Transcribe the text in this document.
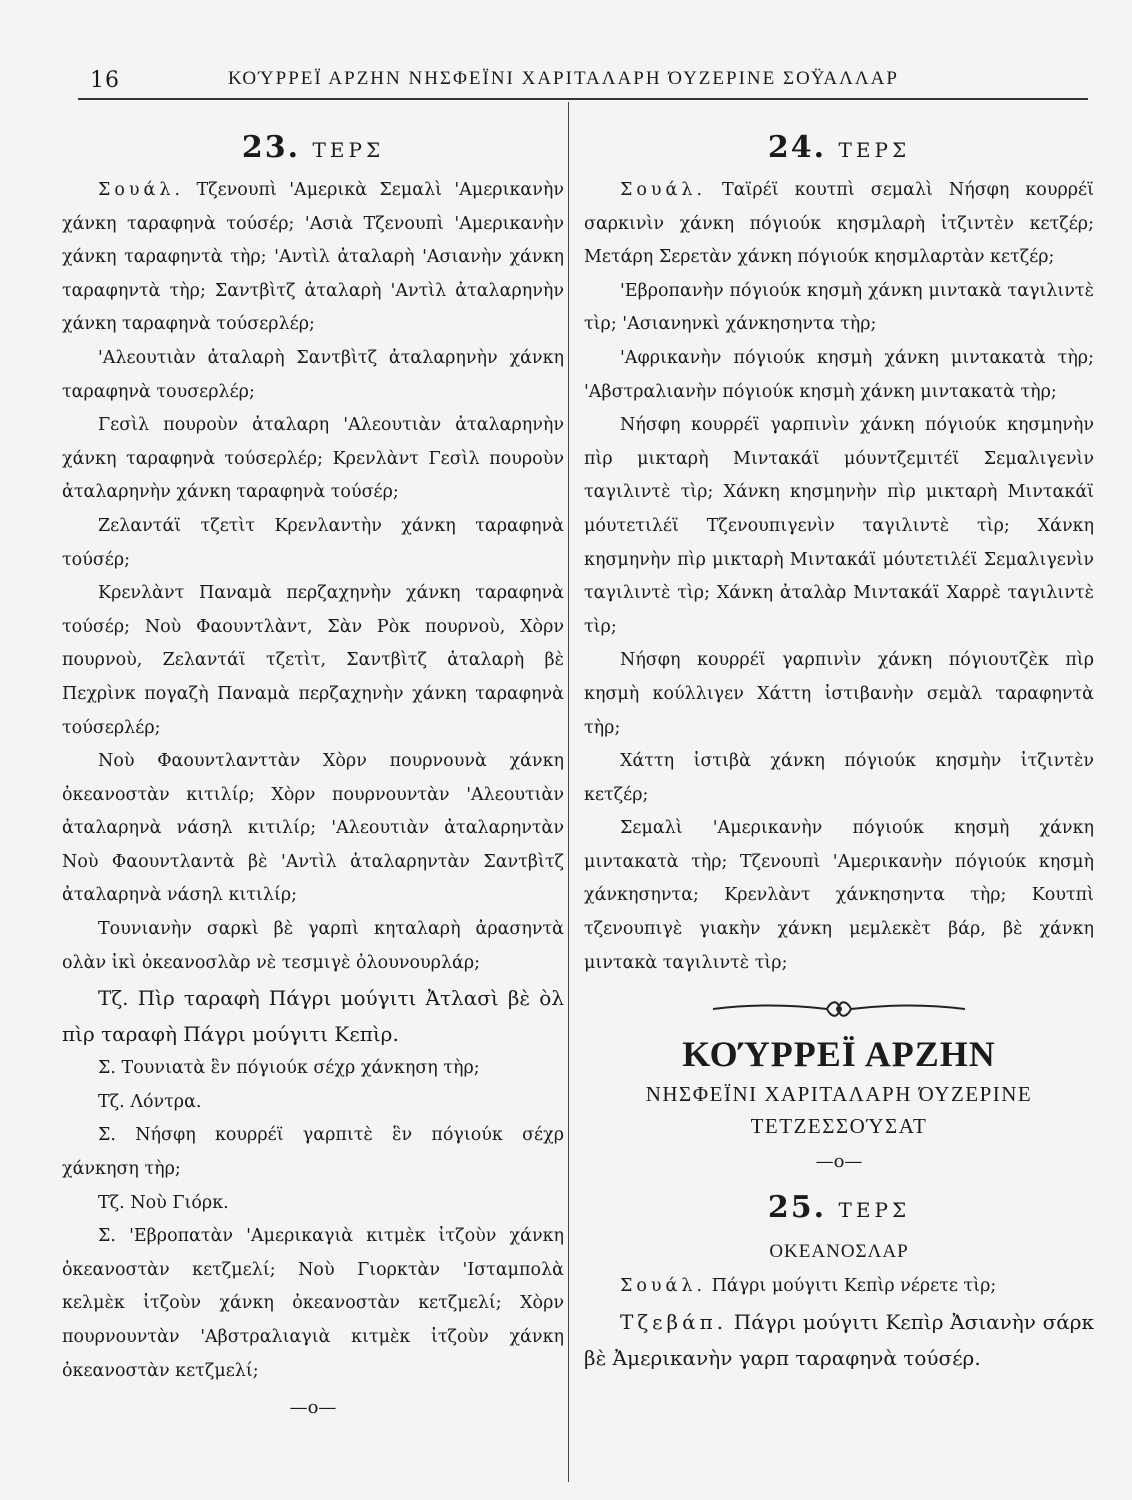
16	ΚΟΎΡΡΕΪ ΑΡΖΗΝ ΝΗΣΦΕΪΝΙ ΧΑΡΙΤΑΛΑΡΗ ΌΥΖΕΡΙΝΕ ΣΟΫΑΛΛΑΡ
23. ΤΕΡΣ

Σουάλ. Τζενουπὶ 'Αμερικὰ Σεμαλὶ 'Αμερικανὴν χάνκη ταραφηνὰ τούσέρ; 'Ασιὰ Τζενουπὶ 'Αμερικανὴν χάνκη ταραφηντὰ τὴρ; 'Αντὶλ ἀταλαρὴ 'Ασιανὴν χάνκη ταραφηντὰ τὴρ; Σαντβὶτζ ἀταλαρὴ 'Αντὶλ ἀταλαρηνὴν χάνκη ταραφηνὰ τούσερλέρ;

'Αλεουτιὰν ἀταλαρὴ Σαντβὶτζ ἀταλαρηνὴν χάνκη ταραφηνὰ τουσερλέρ;

Γεσὶλ πουροὺν ἀταλαρη 'Αλεουτιὰν ἀταλαρηνὴν χάνκη ταραφηνὰ τούσερλέρ; Κρενλὰντ Γεσὶλ πουροὺν ἀταλαρηνὴν χάνκη ταραφηνὰ τούσέρ;

Ζελαντάϊ τζετὶτ Κρενλαντὴν χάνκη ταραφηνὰ τούσέρ;

Κρενλὰντ Παναμὰ περζαχηνὴν χάνκη ταραφηνὰ τούσέρ; Νοὺ Φαουντλὰντ, Σὰν Ρὸκ πουρνοὺ, Χὸρν πουρνοὺ, Ζελαντάϊ τζετὶτ, Σαντβὶτζ ἀταλαρὴ βὲ Πεχρὶνκ πογαζὴ Παναμὰ περζαχηνὴν χάνκη ταραφηνὰ τούσερλέρ;

Νοὺ Φαουντλανττὰν Χὸρν πουρνουνὰ χάνκη ὀκεανοστὰν κιτιλίρ; Χὸρν πουρνουντὰν 'Αλεουτιὰν ἀταλαρηνὰ νάσηλ κιτιλίρ; 'Αλεουτιὰν ἀταλαρηντὰν Νοὺ Φαουντλαντὰ βὲ 'Αντὶλ ἀταλαρηντὰν Σαντβὶτζ ἀταλαρηνὰ νάσηλ κιτιλίρ;

Τουνιανὴν σαρκὶ βὲ γαρπὶ κηταλαρὴ ἀρασηντὰ ολὰν ἰκὶ ὀκεανοσλὰρ νὲ τεσμιγὲ ὀλουνουρλάρ;

Τζ. Πὶρ ταραφὴ Πάγρι μούγιτι Ἀτλασὶ βὲ ὸλ πὶρ ταραφὴ Πάγρι μούγιτι Κεπὶρ.

Σ. Τουνιατὰ ἓν πόγιούκ σέχρ χάνκηση τὴρ;

Τζ. Λόντρα.

Σ. Νήσφη κουρρέϊ γαρπιτὲ ἓν πόγιούκ σέχρ χάνκηση τὴρ;

Τζ. Νοὺ Γιόρκ.

Σ. 'Εβροπατὰν 'Αμερικαγιὰ κιτμὲκ ἰτζοὺν χάνκη ὀκεανοστὰν κετζμελί; Νοὺ Γιορκτὰν 'Ισταμπολὰ κελμὲκ ἰτζοὺν χάνκη ὀκεανοστὰν κετζμελί; Χὸρν πουρνουντὰν 'Αβστραλιαγιὰ κιτμὲκ ἰτζοὺν χάνκη ὀκεανοστὰν κετζμελί;

—o—
24. ΤΕΡΣ

Σουάλ. Ταϊρέϊ κουτπὶ σεμαλὶ Νήσφη κουρρέϊ σαρκινὶν χάνκη πόγιούκ κησμλαρὴ ἰτζιντὲν κετζέρ; Μετάρη Σερετὰν χάνκη πόγιούκ κησμλαρτὰν κετζέρ;

'Εβροπανὴν πόγιούκ κησμὴ χάνκη μιντακὰ ταγιλιντὲ τὶρ; 'Ασιανηνκὶ χάνκησηντα τὴρ;

'Αφρικανὴν πόγιούκ κησμὴ χάνκη μιντακατὰ τὴρ; 'Αβστραλιανὴν πόγιούκ κησμὴ χάνκη μιντακατὰ τὴρ;

Νήσφη κουρρέϊ γαρπινὶν χάνκη πόγιούκ κησμηνὴν πὶρ μικταρὴ Μιντακάϊ μόυντζεμιτέϊ Σεμαλιγενὶν ταγιλιντὲ τὶρ; Χάνκη κησμηνὴν πὶρ μικταρὴ Μιντακάϊ μόυτετιλέϊ Τζενουπιγενὶν ταγιλιντὲ τὶρ; Χάνκη κησμηνὴν πὶρ μικταρὴ Μιντακάϊ μόυτετιλέϊ Σεμαλιγενὶν ταγιλιντὲ τὶρ; Χάνκη ἀταλὰρ Μιντακάϊ Χαρρὲ ταγιλιντὲ τὶρ;

Νήσφη κουρρέϊ γαρπινὶν χάνκη πόγιουτζὲκ πὶρ κησμὴ κούλλιγεν Χάττη ἰστιβανὴν σεμὰλ ταραφηντὰ τὴρ;

Χάττη ἰστιβὰ χάνκη πόγιούκ κησμὴν ἰτζιντὲν κετζέρ;

Σεμαλὶ 'Αμερικανὴν πόγιούκ κησμὴ χάνκη μιντακατὰ τὴρ; Τζενουπὶ 'Αμερικανὴν πόγιούκ κησμὴ χάνκησηντα; Κρενλὰντ χάνκησηντα τὴρ; Κουτπὶ τζενουπιγὲ γιακὴν χάνκη μεμλεκὲτ βάρ, βὲ χάνκη μιντακὰ ταγιλιντὲ τὶρ;

ΚΟΎΡΡΕΪ ΑΡΖΗΝ
ΝΗΣΦΕΪΝΙ ΧΑΡΙΤΑΛΑΡΗ ΌΥΖΕΡΙΝΕ
ΤΕΤΖΕΣΣΟΎΣΑΤ
—o—
25. ΤΕΡΣ
ΟΚΕΑΝΟΣΛΑΡ

Σουάλ. Πάγρι μούγιτι Κεπὶρ νέρετε τὶρ;

Τζεβάπ. Πάγρι μούγιτι Κεπὶρ Ἀσιανὴν σάρκ βὲ Ἀμερικανὴν γαρπ ταραφηνὰ τούσέρ.
